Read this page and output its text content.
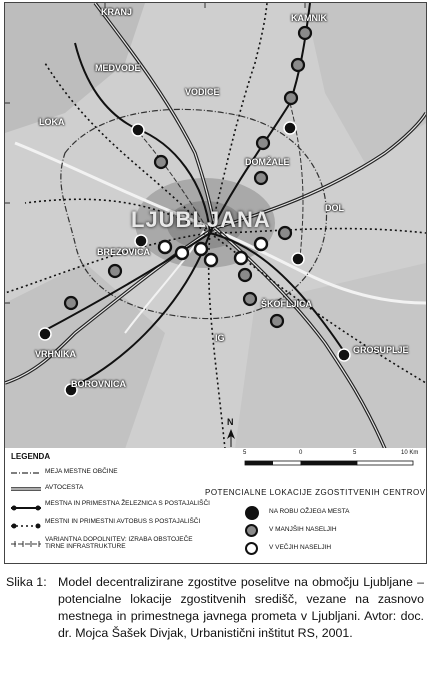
KRANJ
KAMNIK
LOKA
DOMŽALE
MEDVODE
VODICE
DOL
LJUBLJANA
BREZOVICA
VRHNIKA
BOROVNICA
IG
ŠKOFLJICA
GROSUPLJE
N
LEGENDA
MEJA MESTNE OBČINE
AVTOCESTA
MESTNA IN PRIMESTNA ŽELEZNICA S POSTAJALIŠČI
MESTNI IN PRIMESTNI AVTOBUS S POSTAJALIŠČI
VARIANTNA DOPOLNITEV: IZRABA OBSTOJEČE TIRNE INFRASTRUKTURE
5	0	5	10 Km
POTENCIALNE LOKACIJE ZGOSTITVENIH CENTROV
NA ROBU OŽJEGA MESTA
V MANJŠIH NASELJIH
V VEČJIH NASELJIH
Slika 1: Model decentralizirane zgostitve poselitve na območju Ljubljane – potencialne lokacije zgostitvenih središč, vezane na zasnovo mestnega in primestnega javnega prometa v Ljubljani. Avtor: doc. dr. Mojca Šašek Divjak, Urbanistični inštitut RS, 2001.
